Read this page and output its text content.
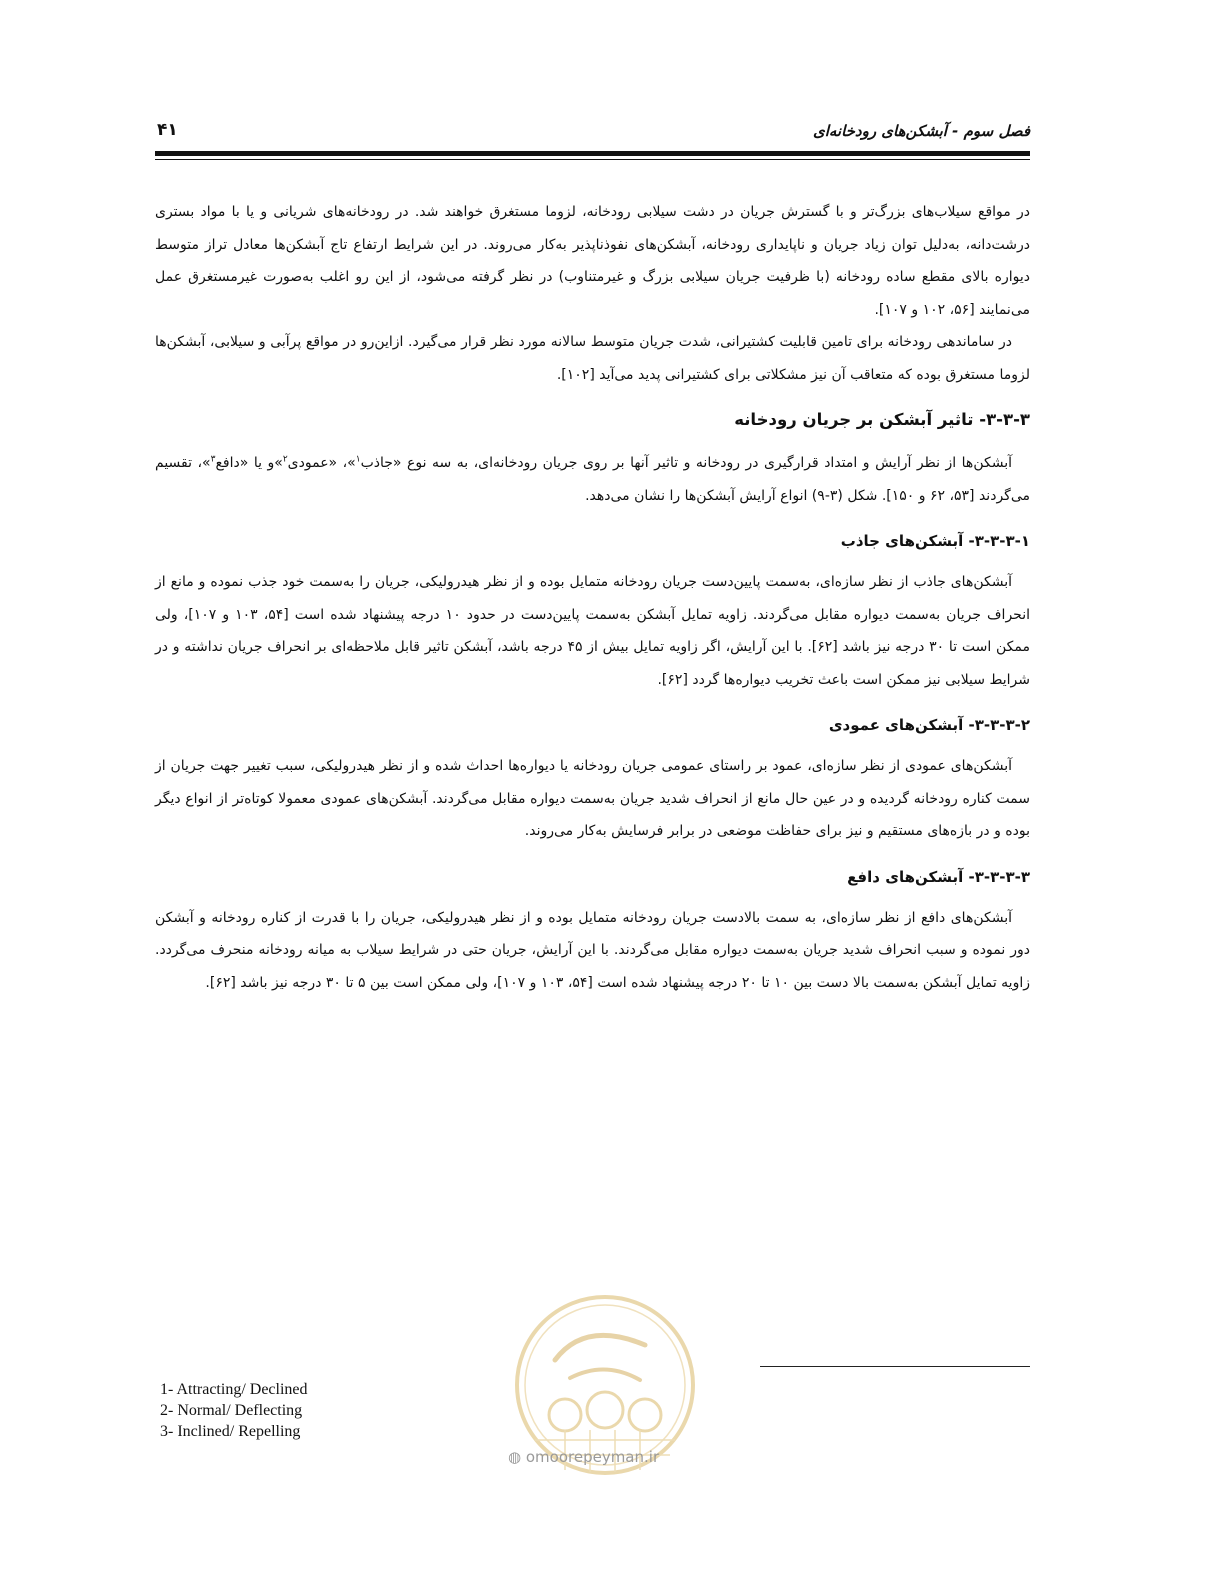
فصل سوم - آبشکن‌های رودخانه‌ای
۴۱

در مواقع سیلاب‌های بزرگ‌تر و با گسترش جریان در دشت سیلابی رودخانه، لزوما مستغرق خواهند شد. در رودخانه‌های شریانی و یا با مواد بستری درشت‌دانه، به‌دلیل توان زیاد جریان و ناپایداری رودخانه، آبشکن‌های نفوذناپذیر به‌کار می‌روند. در این شرایط ارتفاع تاج آبشکن‌ها معادل تراز متوسط دیواره بالای مقطع ساده رودخانه (با ظرفیت جریان سیلابی بزرگ و غیرمتناوب) در نظر گرفته می‌شود، از این رو اغلب به‌صورت غیرمستغرق عمل می‌نمایند [۵۶، ۱۰۲ و ۱۰۷].

در ساماندهی رودخانه برای تامین قابلیت کشتیرانی، شدت جریان متوسط سالانه مورد نظر قرار می‌گیرد. ازاین‌رو در مواقع پرآبی و سیلابی، آبشکن‌ها لزوما مستغرق بوده که متعاقب آن نیز مشکلاتی برای کشتیرانی پدید می‌آید [۱۰۲].

۳-۳-۳- تاثیر آبشکن بر جریان رودخانه

آبشکن‌ها از نظر آرایش و امتداد قرارگیری در رودخانه و تاثیر آنها بر روی جریان رودخانه‌ای، به سه نوع «جاذب$^۱$»، «عمودی$^۲$»و یا «دافع$^۳$»، تقسیم می‌گردند [۵۳، ۶۲ و ۱۵۰]. شکل (۳-۹) انواع آرایش آبشکن‌ها را نشان می‌دهد.

۳-۳-۳-۱- آبشکن‌های جاذب

آبشکن‌های جاذب از نظر سازه‌ای، به‌سمت پایین‌دست جریان رودخانه متمایل بوده و از نظر هیدرولیکی، جریان را به‌سمت خود جذب نموده و مانع از انحراف جریان به‌سمت دیواره مقابل می‌گردند. زاویه تمایل آبشکن به‌سمت پایین‌دست در حدود ۱۰ درجه پیشنهاد شده است [۵۴، ۱۰۳ و ۱۰۷]، ولی ممکن است تا ۳۰ درجه نیز باشد [۶۲]. با این آرایش، اگر زاویه تمایل بیش از ۴۵ درجه باشد، آبشکن تاثیر قابل ملاحظه‌ای بر انحراف جریان نداشته و در شرایط سیلابی نیز ممکن است باعث تخریب دیواره‌ها گردد [۶۲].

۳-۳-۳-۲- آبشکن‌های عمودی

آبشکن‌های عمودی از نظر سازه‌ای، عمود بر راستای عمومی جریان رودخانه یا دیواره‌ها احداث شده و از نظر هیدرولیکی، سبب تغییر جهت جریان از سمت کناره رودخانه گردیده و در عین حال مانع از انحراف شدید جریان به‌سمت دیواره مقابل می‌گردند. آبشکن‌های عمودی معمولا کوتاه‌تر از انواع دیگر بوده و در بازه‌های مستقیم و نیز برای حفاظت موضعی در برابر فرسایش به‌کار می‌روند.

۳-۳-۳-۳- آبشکن‌های دافع

آبشکن‌های دافع از نظر سازه‌ای، به سمت بالادست جریان رودخانه متمایل بوده و از نظر هیدرولیکی، جریان را با قدرت از کناره رودخانه و آبشکن دور نموده و سبب انحراف شدید جریان به‌سمت دیواره مقابل می‌گردند. با این آرایش، جریان حتی در شرایط سیلاب به میانه رودخانه منحرف می‌گردد. زاویه تمایل آبشکن به‌سمت بالا دست بین ۱۰ تا ۲۰ درجه پیشنهاد شده است [۵۴، ۱۰۳ و ۱۰۷]، ولی ممکن است بین ۵ تا ۳۰ درجه نیز باشد [۶۲].

◍ omoorepeyman.ir
1- Attracting/ Declined
2- Normal/ Deflecting
3- Inclined/ Repelling
